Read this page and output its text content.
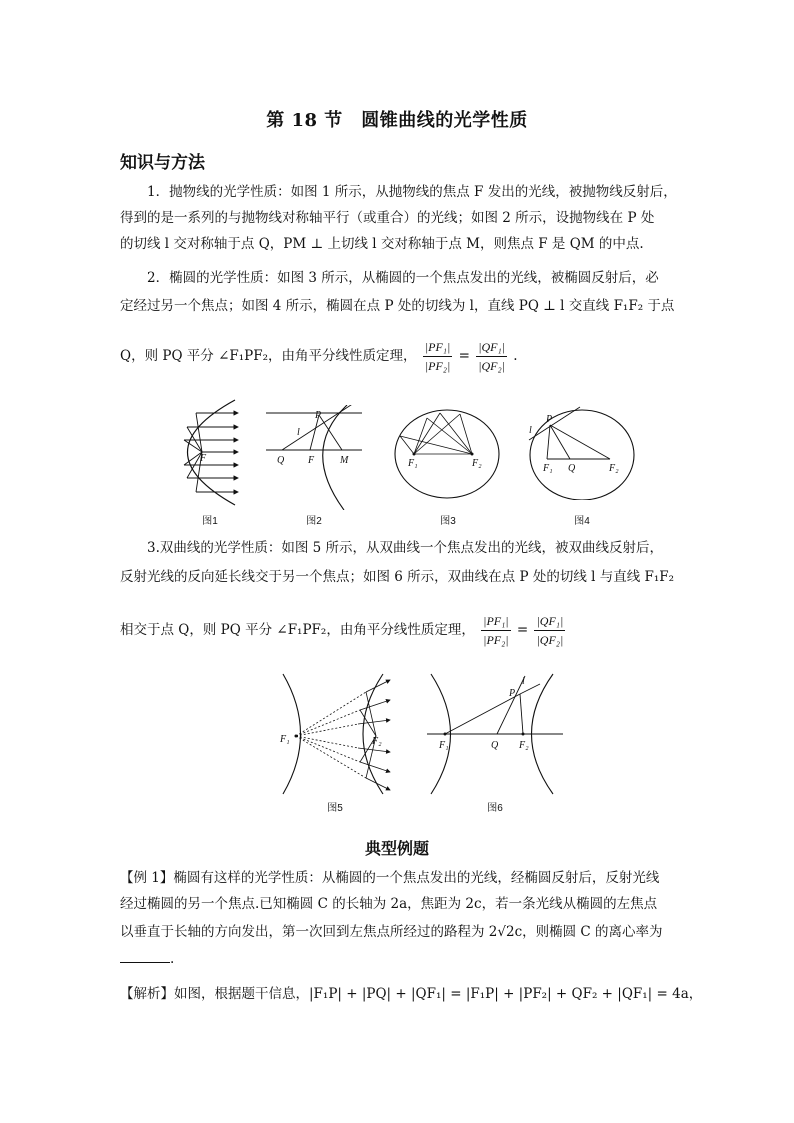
第 18 节　圆锥曲线的光学性质
知识与方法
1．抛物线的光学性质：如图 1 所示，从抛物线的焦点 F 发出的光线，被抛物线反射后，
得到的是一系列的与抛物线对称轴平行（或重合）的光线；如图 2 所示，设抛物线在 P 处
的切线 l 交对称轴于点 Q，PM ⊥ 上切线 l 交对称轴于点 M，则焦点 F 是 QM 的中点.
2．椭圆的光学性质：如图 3 所示，从椭圆的一个焦点发出的光线，被椭圆反射后，必
定经过另一个焦点；如图 4 所示，椭圆在点 P 处的切线为 l，直线 PQ ⊥ l 交直线 F₁F₂ 于点
Q，则 PQ 平分 ∠F₁PF₂，由角平分线性质定理， $\frac{\text{|PF₁|}}{\text{|PF₂|}} = \frac{\text{|QF₁|}}{\text{|QF₂|}}$ .
F
图1
P
l
Q F	M
图2
F₁	F₂
图3
P
l
F₁ Q	F₂
图4
3.双曲线的光学性质：如图 5 所示，从双曲线一个焦点发出的光线，被双曲线反射后，
反射光线的反向延长线交于另一个焦点；如图 6 所示，双曲线在点 P 处的切线 l 与直线 F₁F₂
相交于点 Q，则 PQ 平分 ∠F₁PF₂，由角平分线性质定理， $\frac{\text{|PF₁|}}{\text{|PF₂|}} = \frac{\text{|QF₁|}}{\text{|QF₂|}}$
F₁	F₂
图5
P
l
F₁	Q F₂
图6
典型例题
【例 1】椭圆有这样的光学性质：从椭圆的一个焦点发出的光线，经椭圆反射后，反射光线
经过椭圆的另一个焦点.已知椭圆 C 的长轴为 2a，焦距为 2c，若一条光线从椭圆的左焦点
以垂直于长轴的方向发出，第一次回到左焦点所经过的路程为 2√2c，则椭圆 C 的离心率为
.
【解析】如图，根据题干信息，|F₁P| + |PQ| + |QF₁| = |F₁P| + |PF₂| + QF₂ + |QF₁| = 4a，
